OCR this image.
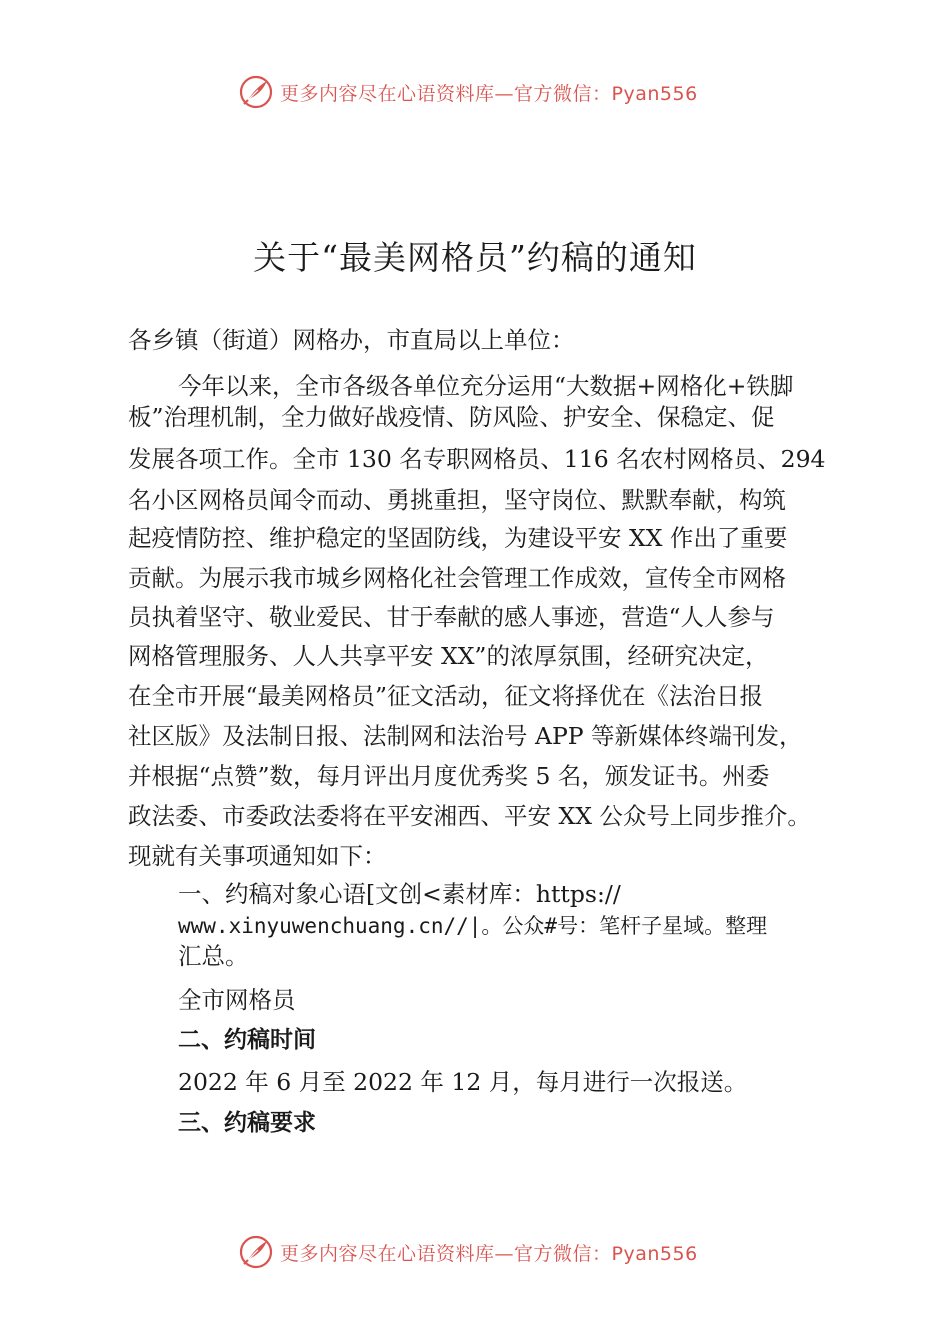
更多内容尽在心语资料库—官方微信：Pyan556
关于“最美网格员”约稿的通知
各乡镇（街道）网格办，市直局以上单位：
今年以来，全市各级各单位充分运用“大数据+网格化+铁脚
板”治理机制，全力做好战疫情、防风险、护安全、保稳定、促
发展各项工作。全市 130 名专职网格员、116 名农村网格员、294
名小区网格员闻令而动、勇挑重担，坚守岗位、默默奉献，构筑
起疫情防控、维护稳定的坚固防线，为建设平安 XX 作出了重要
贡献。为展示我市城乡网格化社会管理工作成效，宣传全市网格
员执着坚守、敬业爱民、甘于奉献的感人事迹，营造“人人参与
网格管理服务、人人共享平安 XX”的浓厚氛围，经研究决定，
在全市开展“最美网格员”征文活动，征文将择优在《法治日报
社区版》及法制日报、法制网和法治号 APP 等新媒体终端刊发，
并根据“点赞”数，每月评出月度优秀奖 5 名，颁发证书。州委
政法委、市委政法委将在平安湘西、平安 XX 公众号上同步推介。
现就有关事项通知如下：
一、约稿对象心语[文创<素材库：https://
www.xinyuwenchuang.cn//|。公众#号：笔杆子星域。整理
汇总。
全市网格员
二、约稿时间
2022 年 6 月至 2022 年 12 月，每月进行一次报送。
三、约稿要求
更多内容尽在心语资料库—官方微信：Pyan556
